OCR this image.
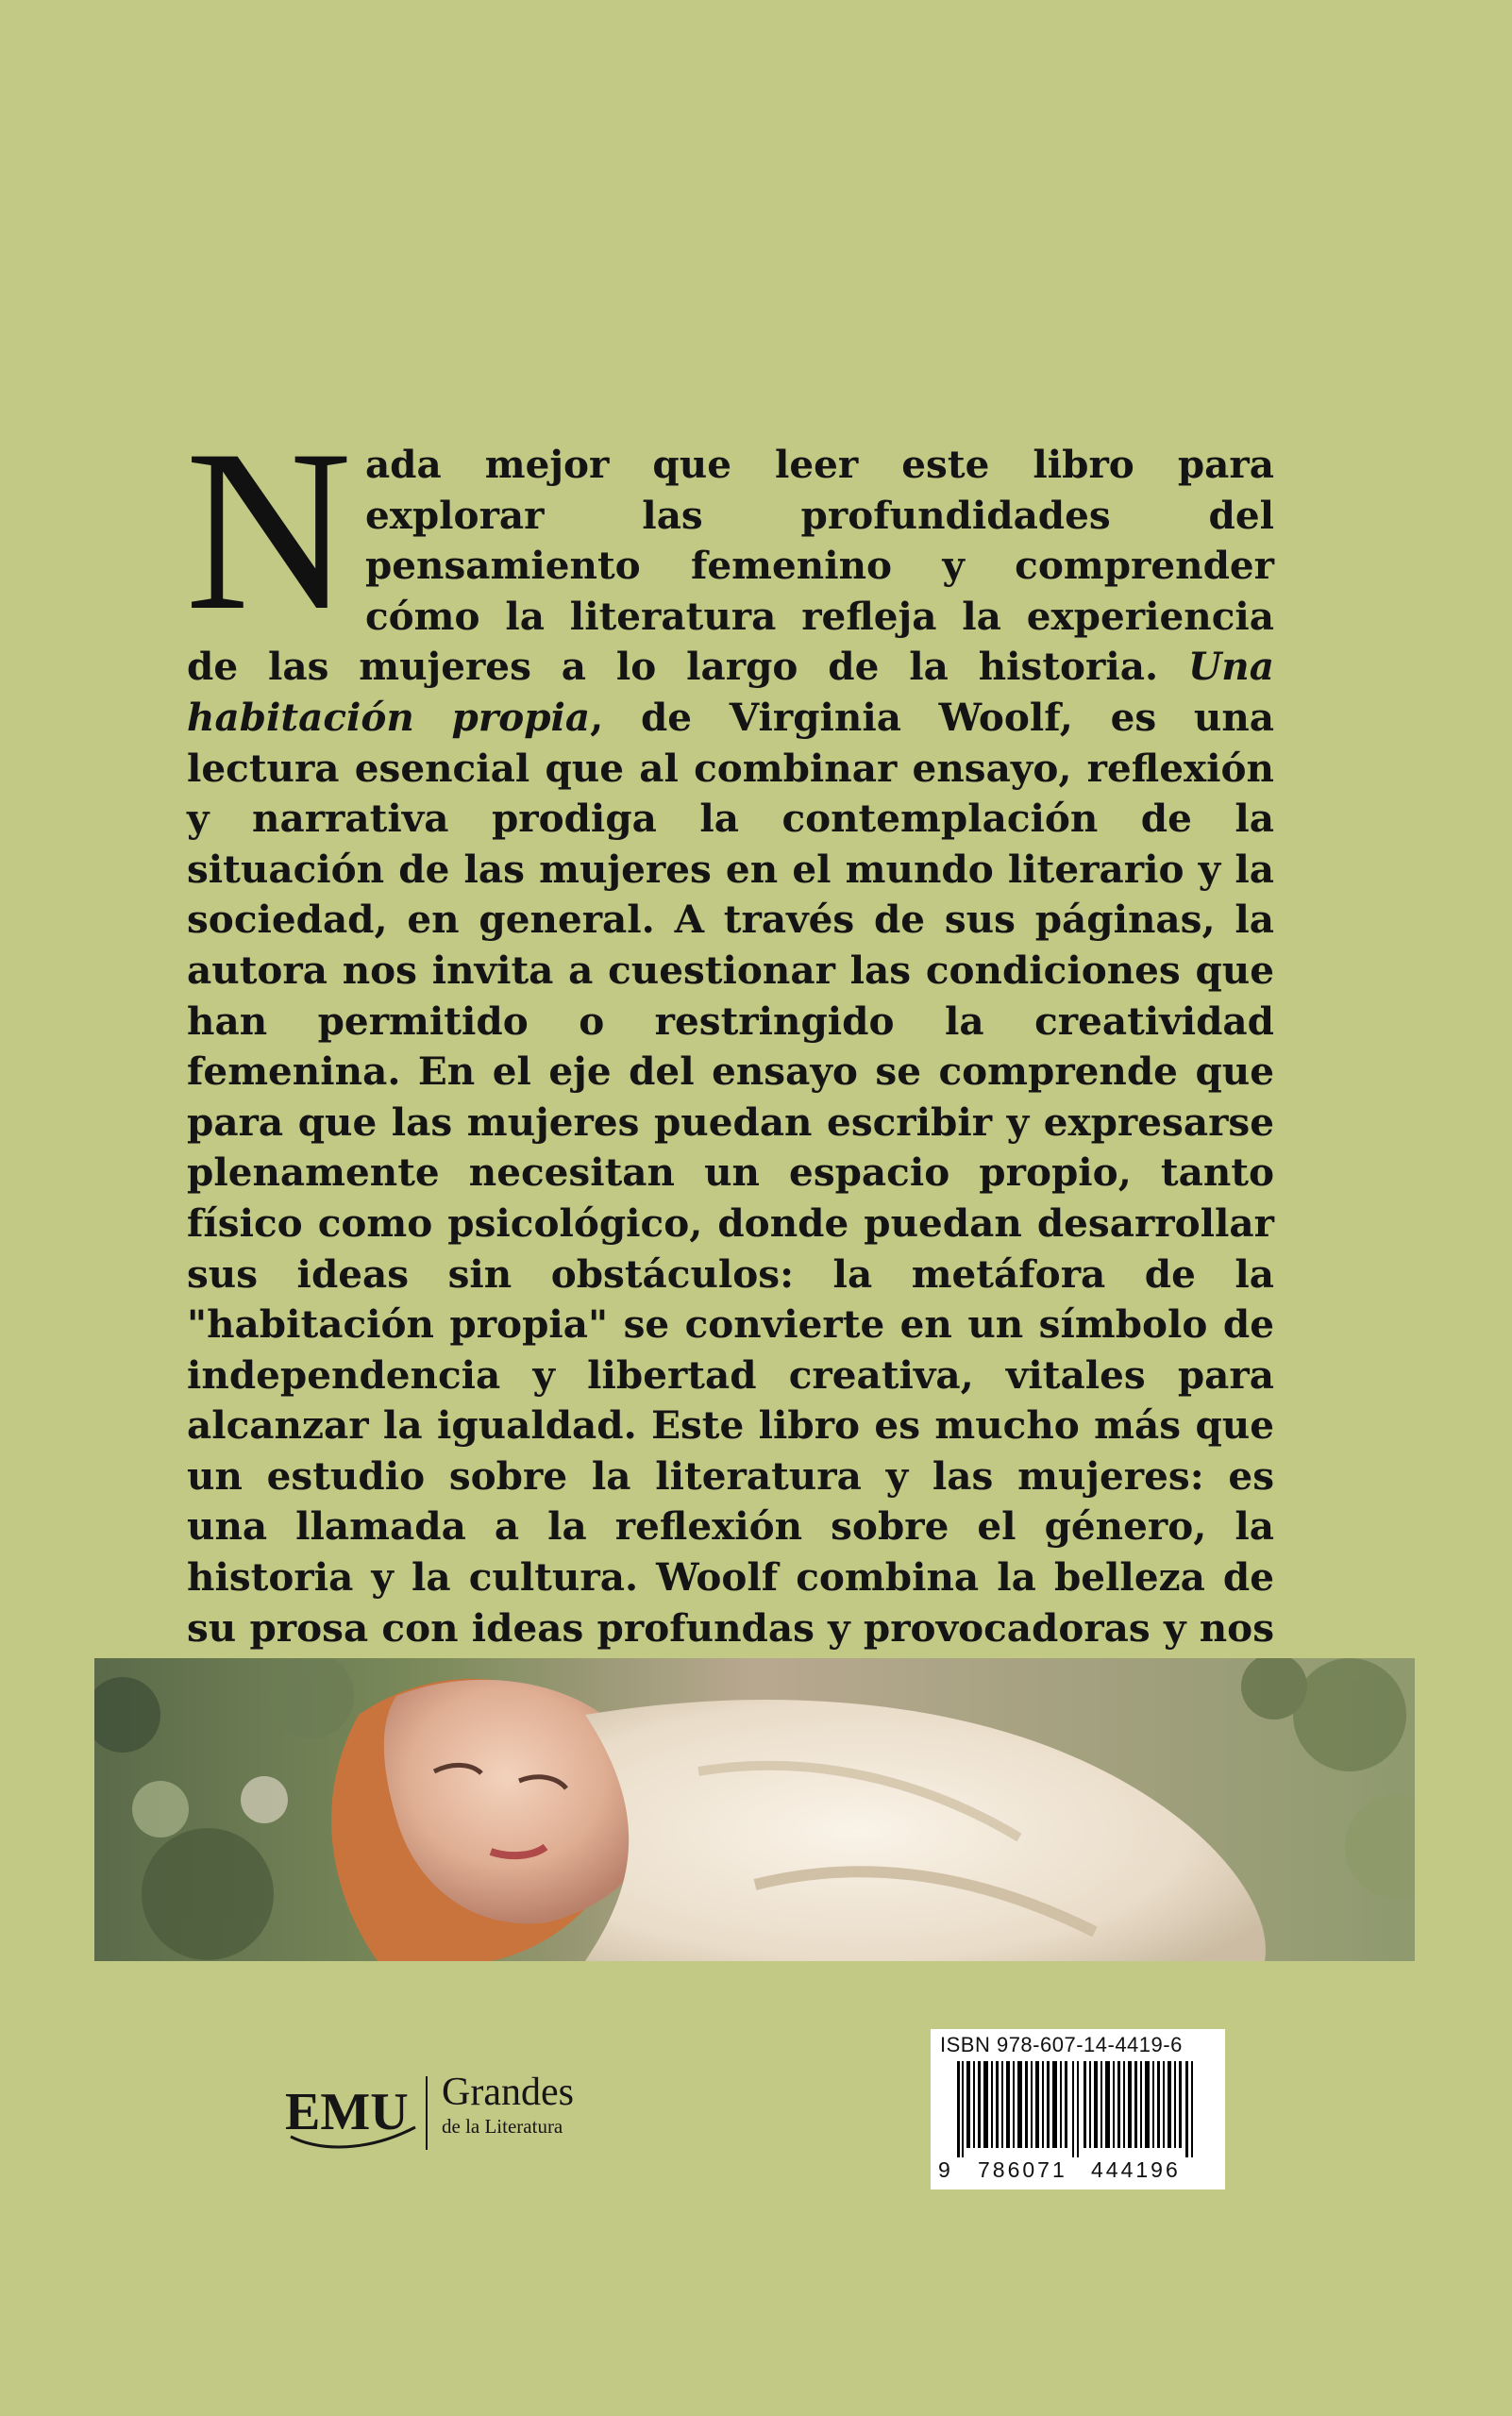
Nada mejor que leer este libro para explorar las profundidades del pensamiento femenino y comprender cómo la literatura refleja la experiencia de las mujeres a lo largo de la historia. Una habitación propia, de Virginia Woolf, es una lectura esencial que al combinar ensayo, reflexión y narrativa prodiga la contemplación de la situación de las mujeres en el mundo literario y la sociedad, en general. A través de sus páginas, la autora nos invita a cuestionar las condiciones que han permitido o restringido la creatividad femenina. En el eje del ensayo se comprende que para que las mujeres puedan escribir y expresarse plenamente necesitan un espacio propio, tanto físico como psicológico, donde puedan desarrollar sus ideas sin obstáculos: la metáfora de la "habitación propia" se convierte en un símbolo de independencia y libertad creativa, vitales para alcanzar la igualdad. Este libro es mucho más que un estudio sobre la literatura y las mujeres: es una llamada a la reflexión sobre el género, la historia y la cultura. Woolf combina la belleza de su prosa con ideas profundas y provocadoras y nos

EMU Grandes
de la Literatura
ISBN 978-607-14-4419-6
9 786071 444196
